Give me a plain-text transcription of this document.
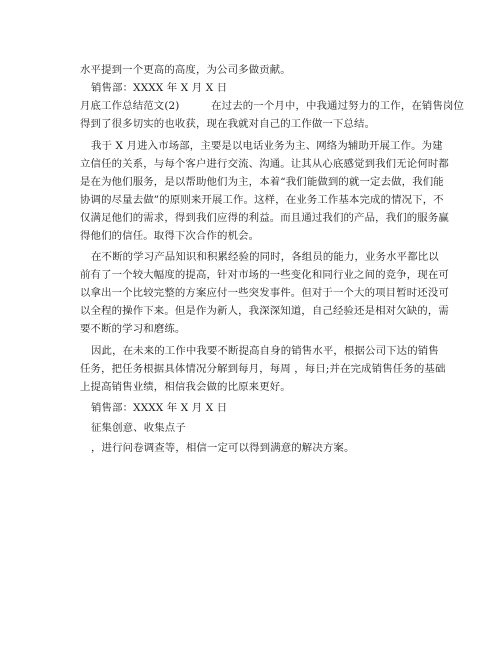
水平提到一个更高的高度，为公司多做贡献。
销售部：XXXX 年 X 月 X 日
月底工作总结范文(2)　　　在过去的一个月中，中我通过努力的工作，在销售岗位
得到了很多切实的也收获，现在我就对自己的工作做一下总结。
我于 X 月进入市场部，主要是以电话业务为主、网络为辅助开展工作。为建
立信任的关系，与每个客户进行交流、沟通。让其从心底感觉到我们无论何时都
是在为他们服务，是以帮助他们为主，本着“我们能做到的就一定去做，我们能
协调的尽量去做”的原则来开展工作。这样，在业务工作基本完成的情况下，不
仅满足他们的需求，得到我们应得的利益。而且通过我们的产品，我们的服务赢
得他们的信任。取得下次合作的机会。
在不断的学习产品知识和积累经验的同时，各组员的能力，业务水平都比以
前有了一个较大幅度的提高，针对市场的一些变化和同行业之间的竞争，现在可
以拿出一个比较完整的方案应付一些突发事件。但对于一个大的项目暂时还没可
以全程的操作下来。但是作为新人，我深深知道，自己经验还是相对欠缺的，需
要不断的学习和磨练。
因此，在未来的工作中我要不断提高自身的销售水平，根据公司下达的销售
任务，把任务根据具体情况分解到每月，每周 ，每日;并在完成销售任务的基础
上提高销售业绩，相信我会做的比原来更好。
销售部：XXXX 年 X 月 X 日
征集创意、收集点子
，进行问卷调查等，相信一定可以得到满意的解决方案。
